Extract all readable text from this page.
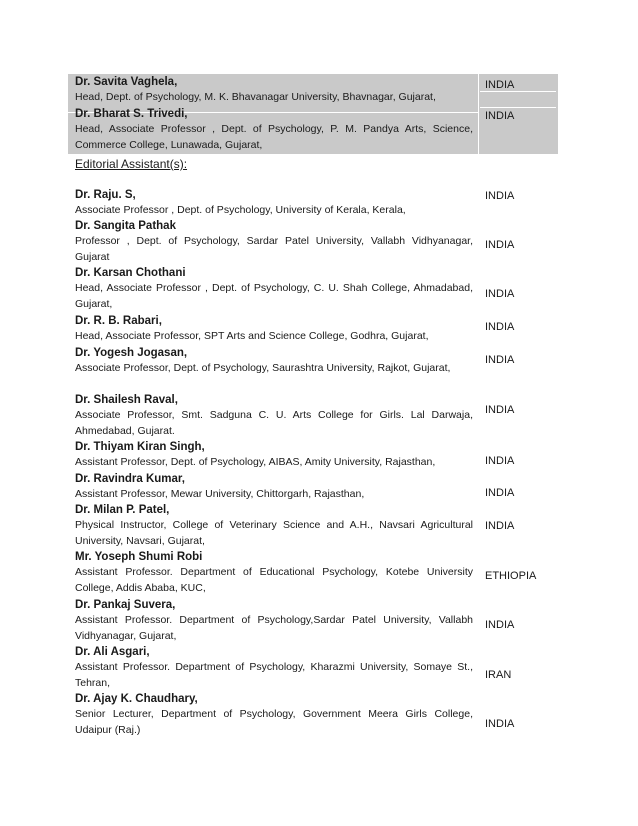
Dr. Savita Vaghela,
Head, Dept. of Psychology, M. K. Bhavanagar University, Bhavnagar, Gujarat,
INDIA
Dr. Bharat S. Trivedi,
Head, Associate Professor , Dept. of Psychology, P. M. Pandya Arts, Science, Commerce College, Lunawada, Gujarat,
INDIA
Editorial Assistant(s):
Dr. Raju. S,
Associate Professor , Dept. of Psychology, University of Kerala, Kerala,
INDIA
Dr. Sangita Pathak
Professor , Dept. of Psychology, Sardar Patel University, Vallabh Vidhyanagar, Gujarat
INDIA
Dr. Karsan Chothani
Head, Associate Professor , Dept. of Psychology, C. U. Shah College, Ahmadabad, Gujarat,
INDIA
Dr. R. B. Rabari,
Head, Associate Professor, SPT Arts and Science College, Godhra, Gujarat,
INDIA
Dr. Yogesh Jogasan,
Associate Professor, Dept. of Psychology, Saurashtra University, Rajkot, Gujarat,
INDIA
Dr. Shailesh Raval,
Associate Professor, Smt. Sadguna C. U. Arts College for Girls. Lal Darwaja, Ahmedabad, Gujarat.
INDIA
Dr. Thiyam Kiran Singh,
Assistant Professor, Dept. of Psychology, AIBAS, Amity University, Rajasthan,	INDIA
Dr. Ravindra Kumar,
Assistant Professor, Mewar University, Chittorgarh, Rajasthan,	INDIA
Dr. Milan P. Patel,
Physical Instructor, College of Veterinary Science and A.H., Navsari Agricultural University, Navsari, Gujarat,
INDIA
Mr. Yoseph Shumi Robi
Assistant Professor. Department of Educational Psychology, Kotebe University College, Addis Ababa, KUC,
ETHIOPIA
Dr. Pankaj Suvera,
Assistant Professor. Department of Psychology,Sardar Patel University, Vallabh Vidhyanagar, Gujarat,
INDIA
Dr. Ali Asgari,
Assistant Professor. Department of Psychology, Kharazmi University, Somaye St., Tehran,
IRAN
Dr. Ajay K. Chaudhary,
Senior Lecturer, Department of Psychology, Government Meera Girls College, Udaipur (Raj.)	INDIA
